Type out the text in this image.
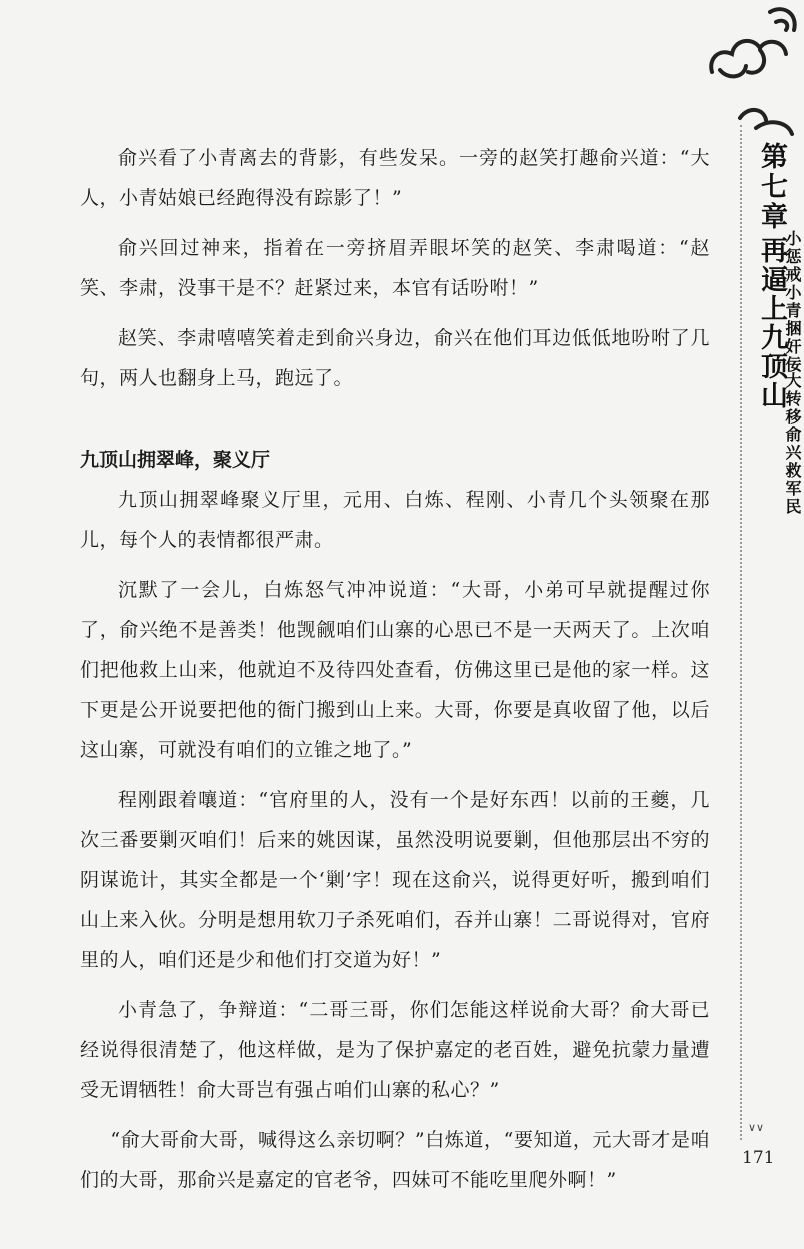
俞兴看了小青离去的背影，有些发呆。一旁的赵笑打趣俞兴道：“大人，小青姑娘已经跑得没有踪影了！”

俞兴回过神来，指着在一旁挤眉弄眼坏笑的赵笑、李肃喝道：“赵笑、李肃，没事干是不？赶紧过来，本官有话吩咐！”

赵笑、李肃嘻嘻笑着走到俞兴身边，俞兴在他们耳边低低地吩咐了几句，两人也翻身上马，跑远了。

九顶山拥翠峰，聚义厅

九顶山拥翠峰聚义厅里，元用、白炼、程刚、小青几个头领聚在那儿，每个人的表情都很严肃。

沉默了一会儿，白炼怒气冲冲说道：“大哥，小弟可早就提醒过你了，俞兴绝不是善类！他觊觎咱们山寨的心思已不是一天两天了。上次咱们把他救上山来，他就迫不及待四处查看，仿佛这里已是他的家一样。这下更是公开说要把他的衙门搬到山上来。大哥，你要是真收留了他，以后这山寨，可就没有咱们的立锥之地了。”

程刚跟着嚷道：“官府里的人，没有一个是好东西！以前的王夔，几次三番要剿灭咱们！后来的姚因谋，虽然没明说要剿，但他那层出不穷的阴谋诡计，其实全都是一个‘剿’字！现在这俞兴，说得更好听，搬到咱们山上来入伙。分明是想用软刀子杀死咱们，吞并山寨！二哥说得对，官府里的人，咱们还是少和他们打交道为好！”

小青急了，争辩道：“二哥三哥，你们怎能这样说俞大哥？俞大哥已经说得很清楚了，他这样做，是为了保护嘉定的老百姓，避免抗蒙力量遭受无谓牺牲！俞大哥岂有强占咱们山寨的私心？”

“俞大哥俞大哥，喊得这么亲切啊？”白炼道，“要知道，元大哥才是咱们的大哥，那俞兴是嘉定的官老爷，四妹可不能吃里爬外啊！”

第七章
再逼上九顶山
小惩戒小青捆奸佞
大转移俞兴救军民
∨∨
171
